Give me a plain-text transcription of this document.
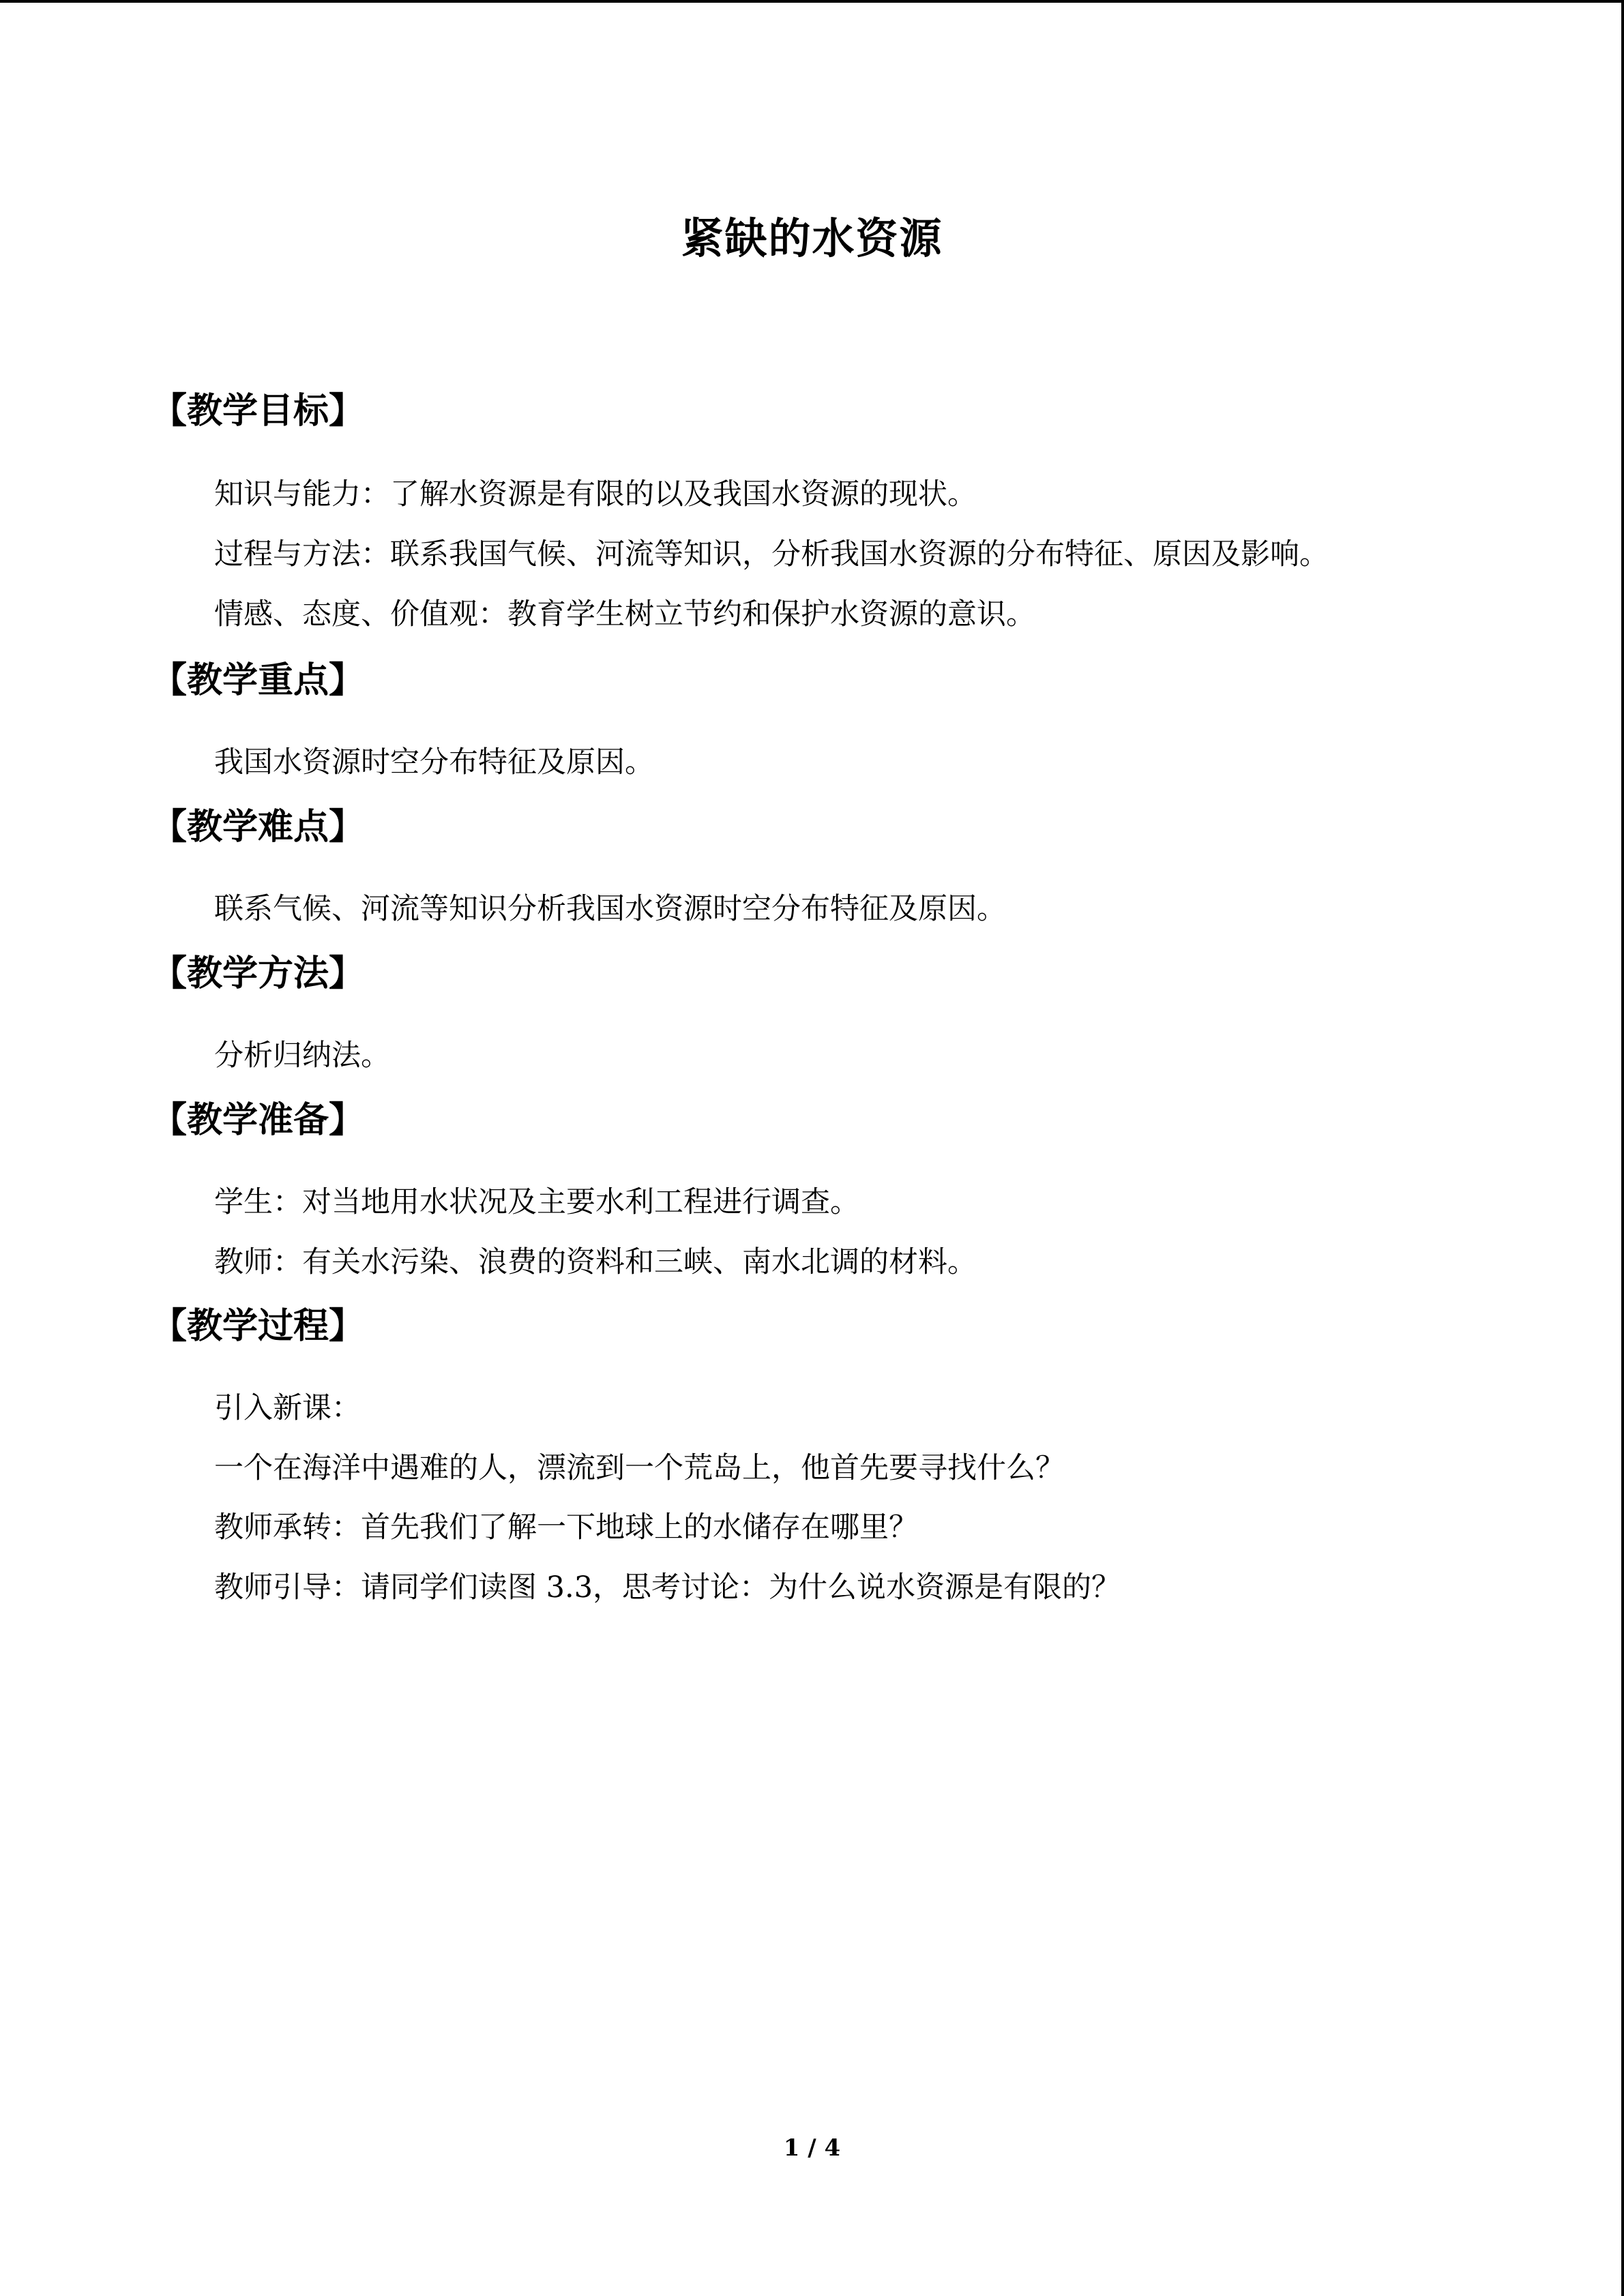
紧缺的水资源
【教学目标】
知识与能力：了解水资源是有限的以及我国水资源的现状。
过程与方法：联系我国气候、河流等知识，分析我国水资源的分布特征、原因及影响。
情感、态度、价值观：教育学生树立节约和保护水资源的意识。
【教学重点】
我国水资源时空分布特征及原因。
【教学难点】
联系气候、河流等知识分析我国水资源时空分布特征及原因。
【教学方法】
分析归纳法。
【教学准备】
学生：对当地用水状况及主要水利工程进行调查。
教师：有关水污染、浪费的资料和三峡、南水北调的材料。
【教学过程】
引入新课：
一个在海洋中遇难的人，漂流到一个荒岛上，他首先要寻找什么？
教师承转：首先我们了解一下地球上的水储存在哪里？
教师引导：请同学们读图 3.3，思考讨论：为什么说水资源是有限的？
1 / 4
